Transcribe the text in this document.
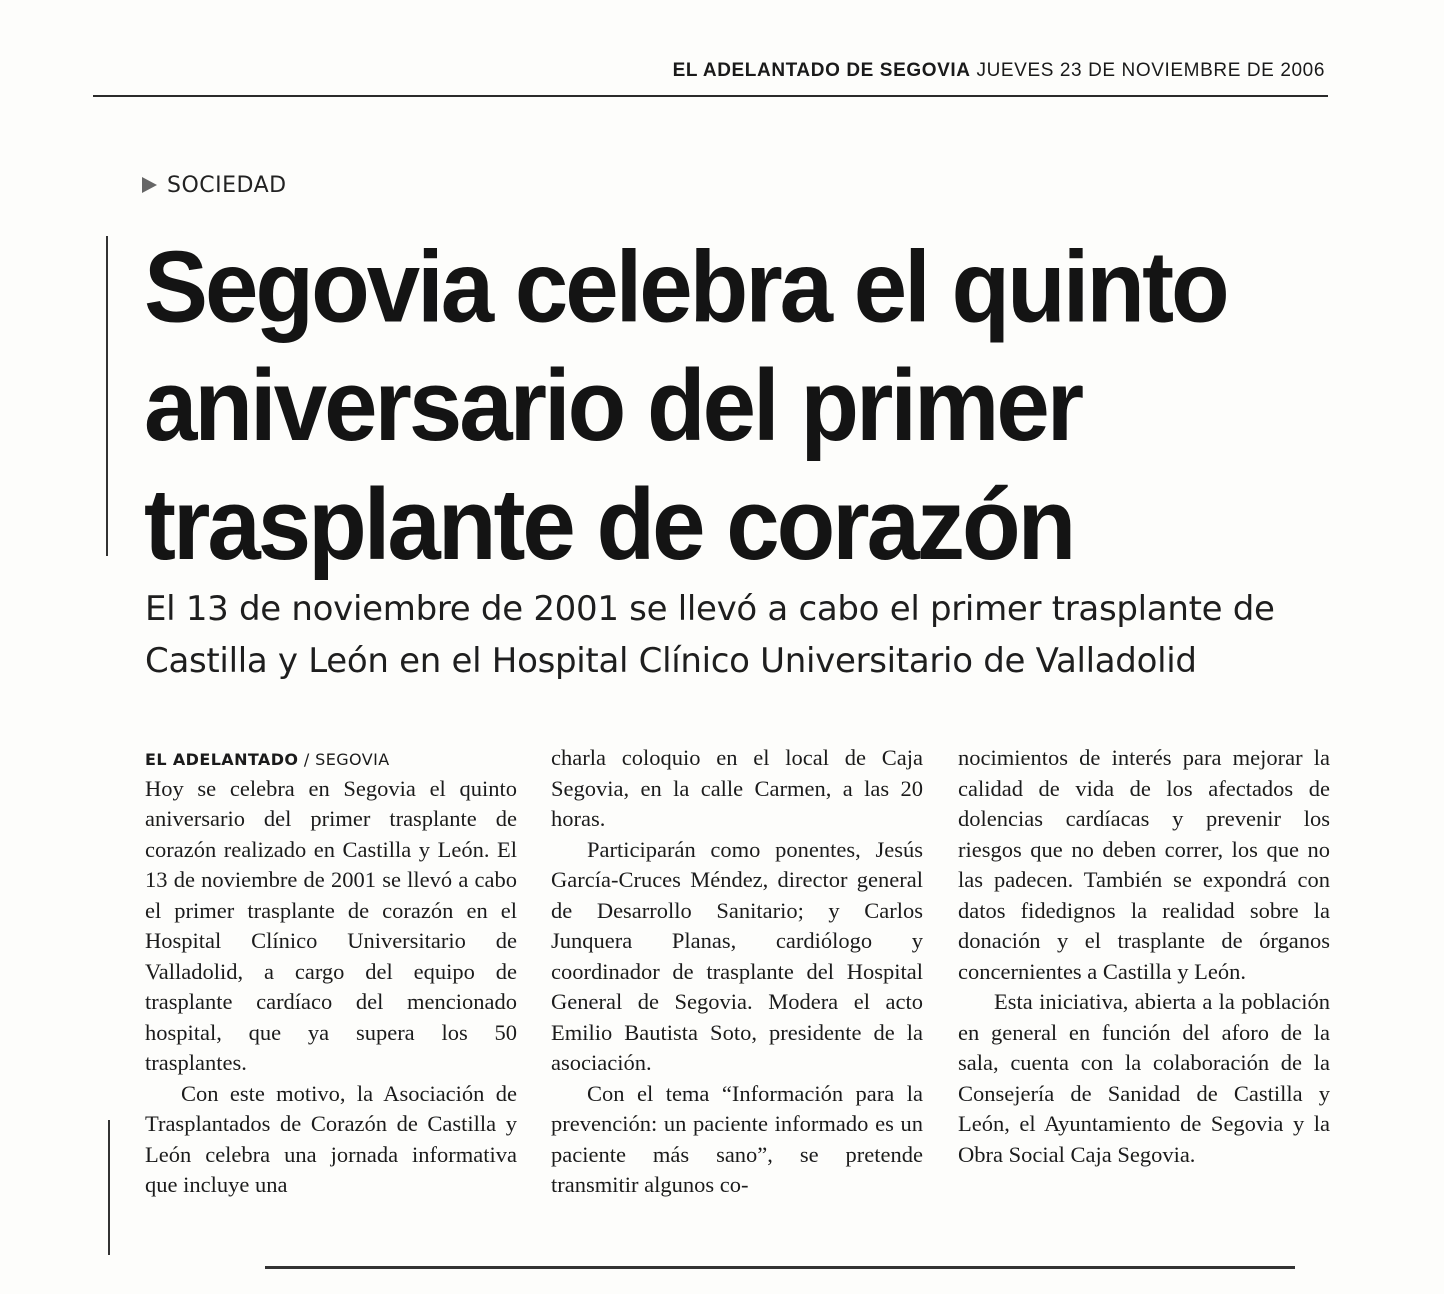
EL ADELANTADO DE SEGOVIA JUEVES 23 DE NOVIEMBRE DE 2006
SOCIEDAD
Segovia celebra el quinto
aniversario del primer
trasplante de corazón
El 13 de noviembre de 2001 se llevó a cabo el primer trasplante de
Castilla y León en el Hospital Clínico Universitario de Valladolid
EL ADELANTADO / SEGOVIA

Hoy se celebra en Segovia el quinto aniversario del primer trasplante de corazón realizado en Castilla y León. El 13 de noviembre de 2001 se llevó a cabo el primer trasplante de corazón en el Hospital Clínico Universitario de Valladolid, a cargo del equipo de trasplante cardíaco del mencionado hospital, que ya supera los 50 trasplantes.

Con este motivo, la Asociación de Trasplantados de Corazón de Castilla y León celebra una jornada informativa que incluye una

charla coloquio en el local de Caja Segovia, en la calle Carmen, a las 20 horas.

Participarán como ponentes, Jesús García-Cruces Méndez, director general de Desarrollo Sanitario; y Carlos Junquera Planas, cardiólogo y coordinador de trasplante del Hospital General de Segovia. Modera el acto Emilio Bautista Soto, presidente de la asociación.

Con el tema “Información para la prevención: un paciente informado es un paciente más sano”, se pretende transmitir algunos co-

nocimientos de interés para mejorar la calidad de vida de los afectados de dolencias cardíacas y prevenir los riesgos que no deben correr, los que no las padecen. También se expondrá con datos fidedignos la realidad sobre la donación y el trasplante de órganos concernientes a Castilla y León.

Esta iniciativa, abierta a la población en general en función del aforo de la sala, cuenta con la colaboración de la Consejería de Sanidad de Castilla y León, el Ayuntamiento de Segovia y la Obra Social Caja Segovia.
